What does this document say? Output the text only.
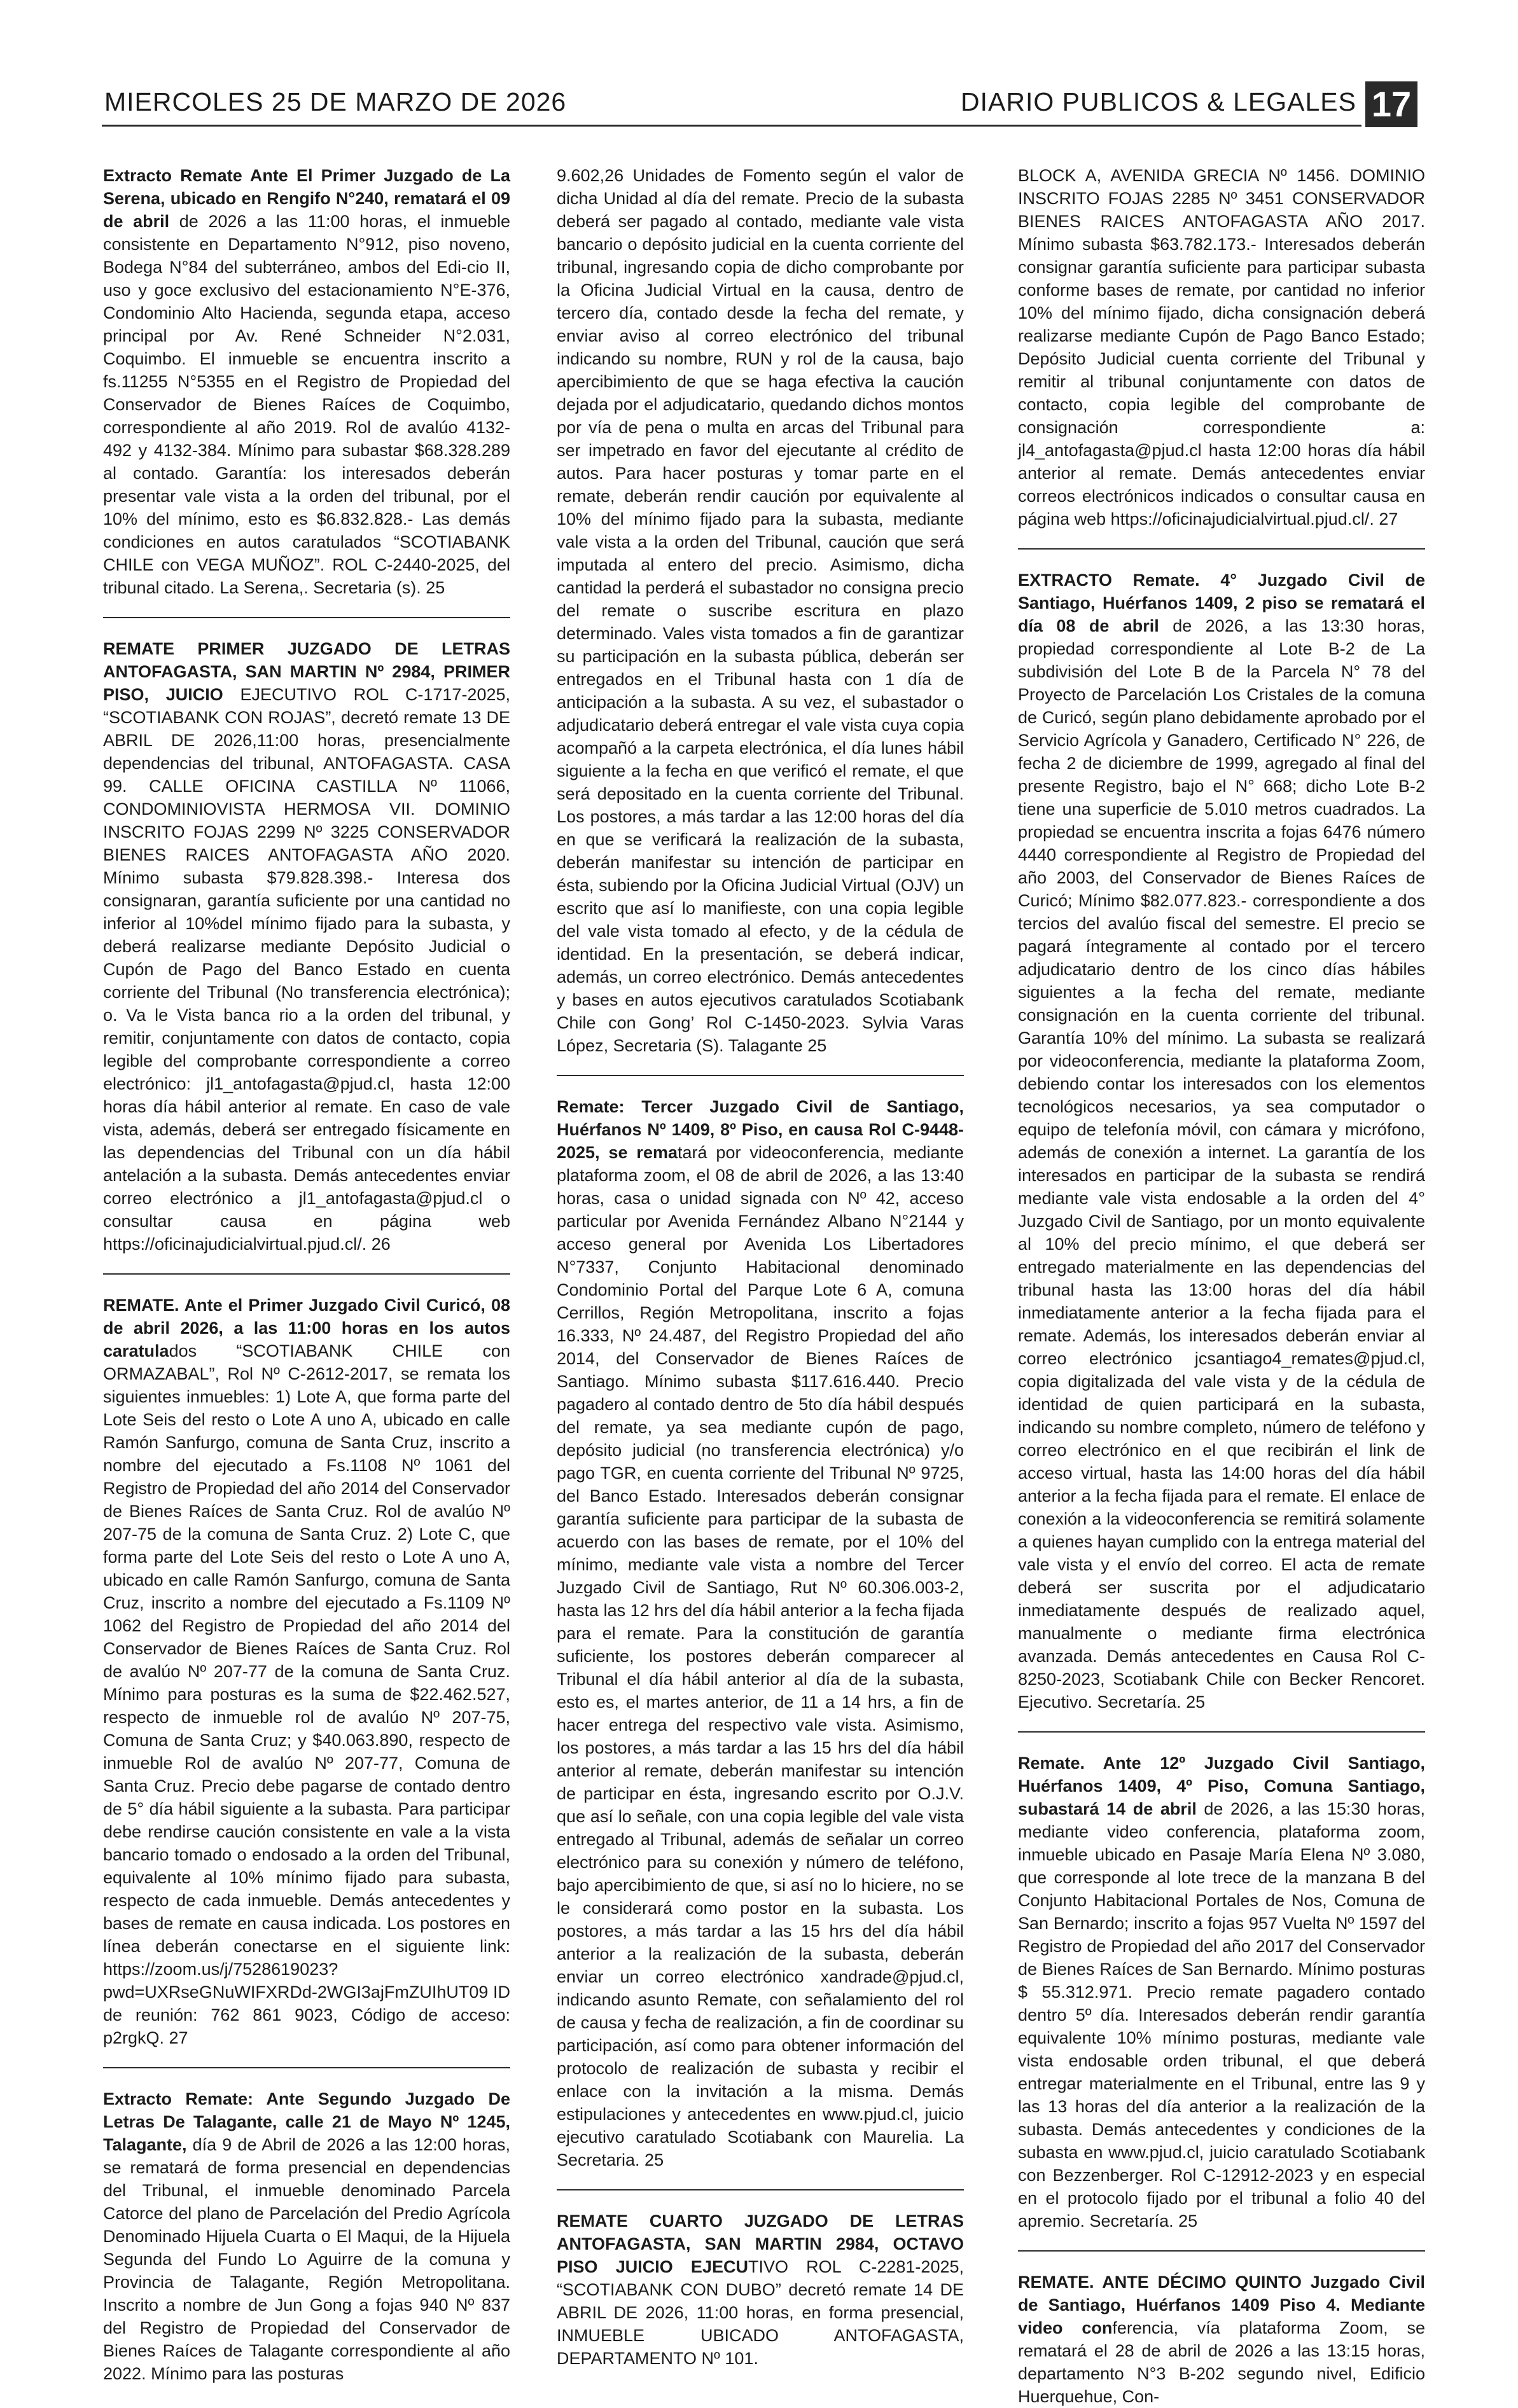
MIERCOLES 25 DE MARZO DE 2026	DIARIO PUBLICOS & LEGALES 17

Extracto Remate Ante El Primer Juzgado de La Serena, ubicado en Rengifo N°240, rematará el 09 de abril de 2026 a las 11:00 horas, el inmueble consistente en Departamento N°912, piso noveno, Bodega N°84 del subterráneo, ambos del Edi-cio II, uso y goce exclusivo del estacionamiento N°E-376, Condominio Alto Hacienda, segunda etapa, acceso principal por Av. René Schneider N°2.031, Coquimbo. El inmueble se encuentra inscrito a fs.11255 N°5355 en el Registro de Propiedad del Conservador de Bienes Raíces de Coquimbo, correspondiente al año 2019. Rol de avalúo 4132-492 y 4132-384. Mínimo para subastar $68.328.289 al contado. Garantía: los interesados deberán presentar vale vista a la orden del tribunal, por el 10% del mínimo, esto es $6.832.828.- Las demás condiciones en autos caratulados “SCOTIABANK CHILE con VEGA MUÑOZ”. ROL C-2440-2025, del tribunal citado. La Serena,. Secretaria (s). 25

REMATE PRIMER JUZGADO DE LETRAS ANTOFAGASTA, SAN MARTIN Nº 2984, PRIMER PISO, JUICIO EJECUTIVO ROL C-1717-2025, “SCOTIABANK CON ROJAS”, decretó remate 13 DE ABRIL DE 2026,11:00 horas, presencialmente dependencias del tribunal, ANTOFAGASTA. CASA 99. CALLE OFICINA CASTILLA Nº 11066, CONDOMINIOVISTA HERMOSA VII. DOMINIO INSCRITO FOJAS 2299 Nº 3225 CONSERVADOR BIENES RAICES ANTOFAGASTA AÑO 2020. Mínimo subasta $79.828.398.- Interesa dos consignaran, garantía suficiente por una cantidad no inferior al 10%del mínimo fijado para la subasta, y deberá realizarse mediante Depósito Judicial o Cupón de Pago del Banco Estado en cuenta corriente del Tribunal (No transferencia electrónica); o. Va le Vista banca rio a la orden del tribunal, y remitir, conjuntamente con datos de contacto, copia legible del comprobante correspondiente a correo electrónico: jl1_antofagasta@pjud.cl, hasta 12:00 horas día hábil anterior al remate. En caso de vale vista, además, deberá ser entregado físicamente en las dependencias del Tribunal con un día hábil antelación a la subasta. Demás antecedentes enviar correo electrónico a jl1_antofagasta@pjud.cl o consultar causa en página web https://oficinajudicialvirtual.pjud.cl/. 26

REMATE. Ante el Primer Juzgado Civil Curicó, 08 de abril 2026, a las 11:00 horas en los autos caratulados “SCOTIABANK CHILE con ORMAZABAL”, Rol Nº C-2612-2017, se remata los siguientes inmuebles: 1) Lote A, que forma parte del Lote Seis del resto o Lote A uno A, ubicado en calle Ramón Sanfurgo, comuna de Santa Cruz, inscrito a nombre del ejecutado a Fs.1108 Nº 1061 del Registro de Propiedad del año 2014 del Conservador de Bienes Raíces de Santa Cruz. Rol de avalúo Nº 207-75 de la comuna de Santa Cruz. 2) Lote C, que forma parte del Lote Seis del resto o Lote A uno A, ubicado en calle Ramón Sanfurgo, comuna de Santa Cruz, inscrito a nombre del ejecutado a Fs.1109 Nº 1062 del Registro de Propiedad del año 2014 del Conservador de Bienes Raíces de Santa Cruz. Rol de avalúo Nº 207-77 de la comuna de Santa Cruz. Mínimo para posturas es la suma de $22.462.527, respecto de inmueble rol de avalúo Nº 207-75, Comuna de Santa Cruz; y $40.063.890, respecto de inmueble Rol de avalúo Nº 207-77, Comuna de Santa Cruz. Precio debe pagarse de contado dentro de 5° día hábil siguiente a la subasta. Para participar debe rendirse caución consistente en vale a la vista bancario tomado o endosado a la orden del Tribunal, equivalente al 10% mínimo fijado para subasta, respecto de cada inmueble. Demás antecedentes y bases de remate en causa indicada. Los postores en línea deberán conectarse en el siguiente link: https://zoom.us/j/7528619023?pwd=UXRseGNuWIFXRDd-2WGI3ajFmZUIhUT09 ID de reunión: 762 861 9023, Código de acceso: p2rgkQ. 27

Extracto Remate: Ante Segundo Juzgado De Letras De Talagante, calle 21 de Mayo Nº 1245, Talagante, día 9 de Abril de 2026 a las 12:00 horas, se rematará de forma presencial en dependencias del Tribunal, el inmueble denominado Parcela Catorce del plano de Parcelación del Predio Agrícola Denominado Hijuela Cuarta o El Maqui, de la Hijuela Segunda del Fundo Lo Aguirre de la comuna y Provincia de Talagante, Región Metropolitana. Inscrito a nombre de Jun Gong a fojas 940 Nº 837 del Registro de Propiedad del Conservador de Bienes Raíces de Talagante correspondiente al año 2022. Mínimo para las posturas

9.602,26 Unidades de Fomento según el valor de dicha Unidad al día del remate. Precio de la subasta deberá ser pagado al contado, mediante vale vista bancario o depósito judicial en la cuenta corriente del tribunal, ingresando copia de dicho comprobante por la Oficina Judicial Virtual en la causa, dentro de tercero día, contado desde la fecha del remate, y enviar aviso al correo electrónico del tribunal indicando su nombre, RUN y rol de la causa, bajo apercibimiento de que se haga efectiva la caución dejada por el adjudicatario, quedando dichos montos por vía de pena o multa en arcas del Tribunal para ser impetrado en favor del ejecutante al crédito de autos. Para hacer posturas y tomar parte en el remate, deberán rendir caución por equivalente al 10% del mínimo fijado para la subasta, mediante vale vista a la orden del Tribunal, caución que será imputada al entero del precio. Asimismo, dicha cantidad la perderá el subastador no consigna precio del remate o suscribe escritura en plazo determinado. Vales vista tomados a fin de garantizar su participación en la subasta pública, deberán ser entregados en el Tribunal hasta con 1 día de anticipación a la subasta. A su vez, el subastador o adjudicatario deberá entregar el vale vista cuya copia acompañó a la carpeta electrónica, el día lunes hábil siguiente a la fecha en que verificó el remate, el que será depositado en la cuenta corriente del Tribunal. Los postores, a más tardar a las 12:00 horas del día en que se verificará la realización de la subasta, deberán manifestar su intención de participar en ésta, subiendo por la Oficina Judicial Virtual (OJV) un escrito que así lo manifieste, con una copia legible del vale vista tomado al efecto, y de la cédula de identidad. En la presentación, se deberá indicar, además, un correo electrónico. Demás antecedentes y bases en autos ejecutivos caratulados Scotiabank Chile con Gong’ Rol C-1450-2023. Sylvia Varas López, Secretaria (S). Talagante 25

Remate: Tercer Juzgado Civil de Santiago, Huérfanos Nº 1409, 8º Piso, en causa Rol C-9448-2025, se rematará por videoconferencia, mediante plataforma zoom, el 08 de abril de 2026, a las 13:40 horas, casa o unidad signada con Nº 42, acceso particular por Avenida Fernández Albano N°2144 y acceso general por Avenida Los Libertadores N°7337, Conjunto Habitacional denominado Condominio Portal del Parque Lote 6 A, comuna Cerrillos, Región Metropolitana, inscrito a fojas 16.333, Nº 24.487, del Registro Propiedad del año 2014, del Conservador de Bienes Raíces de Santiago. Mínimo subasta $117.616.440. Precio pagadero al contado dentro de 5to día hábil después del remate, ya sea mediante cupón de pago, depósito judicial (no transferencia electrónica) y/o pago TGR, en cuenta corriente del Tribunal Nº 9725, del Banco Estado. Interesados deberán consignar garantía suficiente para participar de la subasta de acuerdo con las bases de remate, por el 10% del mínimo, mediante vale vista a nombre del Tercer Juzgado Civil de Santiago, Rut Nº 60.306.003-2, hasta las 12 hrs del día hábil anterior a la fecha fijada para el remate. Para la constitución de garantía suficiente, los postores deberán comparecer al Tribunal el día hábil anterior al día de la subasta, esto es, el martes anterior, de 11 a 14 hrs, a fin de hacer entrega del respectivo vale vista. Asimismo, los postores, a más tardar a las 15 hrs del día hábil anterior al remate, deberán manifestar su intención de participar en ésta, ingresando escrito por O.J.V. que así lo señale, con una copia legible del vale vista entregado al Tribunal, además de señalar un correo electrónico para su conexión y número de teléfono, bajo apercibimiento de que, si así no lo hiciere, no se le considerará como postor en la subasta. Los postores, a más tardar a las 15 hrs del día hábil anterior a la realización de la subasta, deberán enviar un correo electrónico xandrade@pjud.cl, indicando asunto Remate, con señalamiento del rol de causa y fecha de realización, a fin de coordinar su participación, así como para obtener información del protocolo de realización de subasta y recibir el enlace con la invitación a la misma. Demás estipulaciones y antecedentes en www.pjud.cl, juicio ejecutivo caratulado Scotiabank con Maurelia. La Secretaria. 25

REMATE CUARTO JUZGADO DE LETRAS ANTOFAGASTA, SAN MARTIN 2984, OCTAVO PISO JUICIO EJECUTIVO ROL C-2281-2025, “SCOTIABANK CON DUBO” decretó remate 14 DE ABRIL DE 2026, 11:00 horas, en forma presencial, INMUEBLE UBICADO ANTOFAGASTA, DEPARTAMENTO Nº 101.

BLOCK A, AVENIDA GRECIA Nº 1456. DOMINIO INSCRITO FOJAS 2285 Nº 3451 CONSERVADOR BIENES RAICES ANTOFAGASTA AÑO 2017. Mínimo subasta $63.782.173.- Interesados deberán consignar garantía suficiente para participar subasta conforme bases de remate, por cantidad no inferior 10% del mínimo fijado, dicha consignación deberá realizarse mediante Cupón de Pago Banco Estado; Depósito Judicial cuenta corriente del Tribunal y remitir al tribunal conjuntamente con datos de contacto, copia legible del comprobante de consignación correspondiente a: jl4_antofagasta@pjud.cl hasta 12:00 horas día hábil anterior al remate. Demás antecedentes enviar correos electrónicos indicados o consultar causa en página web https://oficinajudicialvirtual.pjud.cl/. 27

EXTRACTO Remate. 4° Juzgado Civil de Santiago, Huérfanos 1409, 2 piso se rematará el día 08 de abril de 2026, a las 13:30 horas, propiedad correspondiente al Lote B-2 de La subdivisión del Lote B de la Parcela N° 78 del Proyecto de Parcelación Los Cristales de la comuna de Curicó, según plano debidamente aprobado por el Servicio Agrícola y Ganadero, Certificado N° 226, de fecha 2 de diciembre de 1999, agregado al final del presente Registro, bajo el N° 668; dicho Lote B-2 tiene una superficie de 5.010 metros cuadrados. La propiedad se encuentra inscrita a fojas 6476 número 4440 correspondiente al Registro de Propiedad del año 2003, del Conservador de Bienes Raíces de Curicó; Mínimo $82.077.823.- correspondiente a dos tercios del avalúo fiscal del semestre. El precio se pagará íntegramente al contado por el tercero adjudicatario dentro de los cinco días hábiles siguientes a la fecha del remate, mediante consignación en la cuenta corriente del tribunal. Garantía 10% del mínimo. La subasta se realizará por videoconferencia, mediante la plataforma Zoom, debiendo contar los interesados con los elementos tecnológicos necesarios, ya sea computador o equipo de telefonía móvil, con cámara y micrófono, además de conexión a internet. La garantía de los interesados en participar de la subasta se rendirá mediante vale vista endosable a la orden del 4° Juzgado Civil de Santiago, por un monto equivalente al 10% del precio mínimo, el que deberá ser entregado materialmente en las dependencias del tribunal hasta las 13:00 horas del día hábil inmediatamente anterior a la fecha fijada para el remate. Además, los interesados deberán enviar al correo electrónico jcsantiago4_remates@pjud.cl, copia digitalizada del vale vista y de la cédula de identidad de quien participará en la subasta, indicando su nombre completo, número de teléfono y correo electrónico en el que recibirán el link de acceso virtual, hasta las 14:00 horas del día hábil anterior a la fecha fijada para el remate. El enlace de conexión a la videoconferencia se remitirá solamente a quienes hayan cumplido con la entrega material del vale vista y el envío del correo. El acta de remate deberá ser suscrita por el adjudicatario inmediatamente después de realizado aquel, manualmente o mediante firma electrónica avanzada. Demás antecedentes en Causa Rol C-8250-2023, Scotiabank Chile con Becker Rencoret. Ejecutivo. Secretaría. 25

Remate. Ante 12º Juzgado Civil Santiago, Huérfanos 1409, 4º Piso, Comuna Santiago, subastará 14 de abril de 2026, a las 15:30 horas, mediante video conferencia, plataforma zoom, inmueble ubicado en Pasaje María Elena Nº 3.080, que corresponde al lote trece de la manzana B del Conjunto Habitacional Portales de Nos, Comuna de San Bernardo; inscrito a fojas 957 Vuelta Nº 1597 del Registro de Propiedad del año 2017 del Conservador de Bienes Raíces de San Bernardo. Mínimo posturas $ 55.312.971. Precio remate pagadero contado dentro 5º día. Interesados deberán rendir garantía equivalente 10% mínimo posturas, mediante vale vista endosable orden tribunal, el que deberá entregar materialmente en el Tribunal, entre las 9 y las 13 horas del día anterior a la realización de la subasta. Demás antecedentes y condiciones de la subasta en www.pjud.cl, juicio caratulado Scotiabank con Bezzenberger. Rol C-12912-2023 y en especial en el protocolo fijado por el tribunal a folio 40 del apremio. Secretaría. 25

REMATE. ANTE DÉCIMO QUINTO Juzgado Civil de Santiago, Huérfanos 1409 Piso 4. Mediante video conferencia, vía plataforma Zoom, se rematará el 28 de abril de 2026 a las 13:15 horas, departamento N°3 B-202 segundo nivel, Edificio Huerquehue, Con-
